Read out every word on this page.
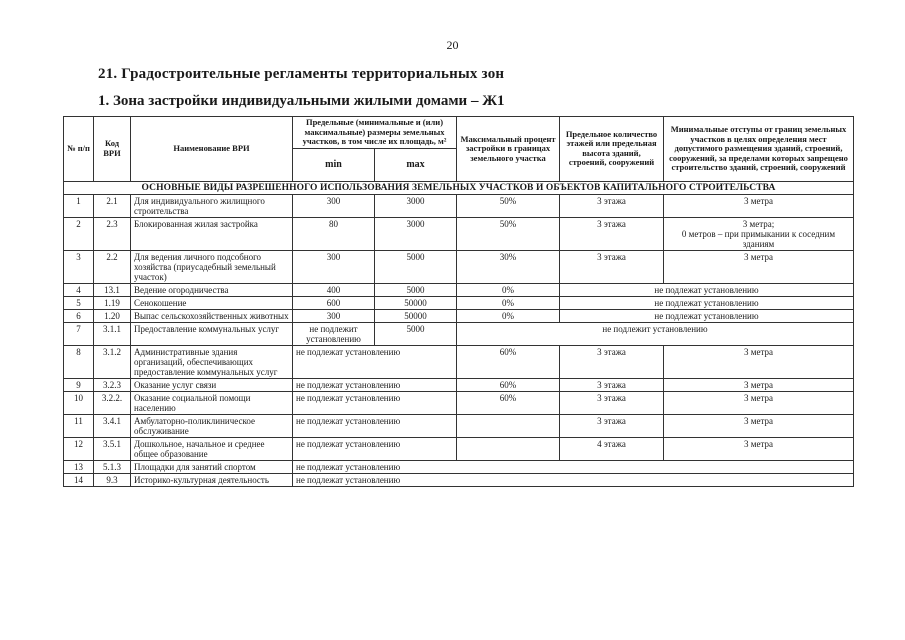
20
21. Градостроительные регламенты территориальных зон
1. Зона застройки индивидуальными жилыми домами – Ж1
№ п/п	Код ВРИ	Наименование ВРИ	Предельные (минимальные и (или) максимальные) размеры земельных участков, в том числе их площадь, м²		Максимальный процент застройки в границах земельного участка	Предельное количество этажей или предельная высота зданий, строений, сооружений	Минимальные отступы от границ земельных участков в целях определения мест допустимого размещения зданий, строений, сооружений, за пределами которых запрещено строительство зданий, строений, сооружений
			min	max			
ОСНОВНЫЕ ВИДЫ РАЗРЕШЕННОГО ИСПОЛЬЗОВАНИЯ ЗЕМЕЛЬНЫХ УЧАСТКОВ И ОБЪЕКТОВ КАПИТАЛЬНОГО СТРОИТЕЛЬСТВА							
1	2.1	Для индивидуального жилищного строительства	300	3000	50%	3 этажа	3 метра
2	2.3	Блокированная жилая застройка	80	3000	50%	3 этажа	3 метра;
0 метров – при примыкании к соседним зданиям
3	2.2	Для ведения личного подсобного хозяйства (приусадебный земельный участок)	300	5000	30%	3 этажа	3 метра
4	13.1	Ведение огородничества	400	5000	0%	не подлежат установлению	
5	1.19	Сенокошение	600	50000	0%	не подлежат установлению	
6	1.20	Выпас сельскохозяйственных животных	300	50000	0%	не подлежат установлению	
7	3.1.1	Предоставление коммунальных услуг	не подлежит установлению	5000	не подлежит установлению		
8	3.1.2	Административные здания организаций, обеспечивающих предоставление коммунальных услуг	не подлежат установлению		60%	3 этажа	3 метра
9	3.2.3	Оказание услуг связи	не подлежат установлению		60%	3 этажа	3 метра
10	3.2.2.	Оказание социальной помощи населению	не подлежат установлению		60%	3 этажа	3 метра
11	3.4.1	Амбулаторно-поликлиническое обслуживание	не подлежат установлению			3 этажа	3 метра
12	3.5.1	Дошкольное, начальное и среднее общее образование	не подлежат установлению			4 этажа	3 метра
13	5.1.3	Площадки для занятий спортом	не подлежат установлению				
14	9.3	Историко-культурная деятельность	не подлежат установлению				
